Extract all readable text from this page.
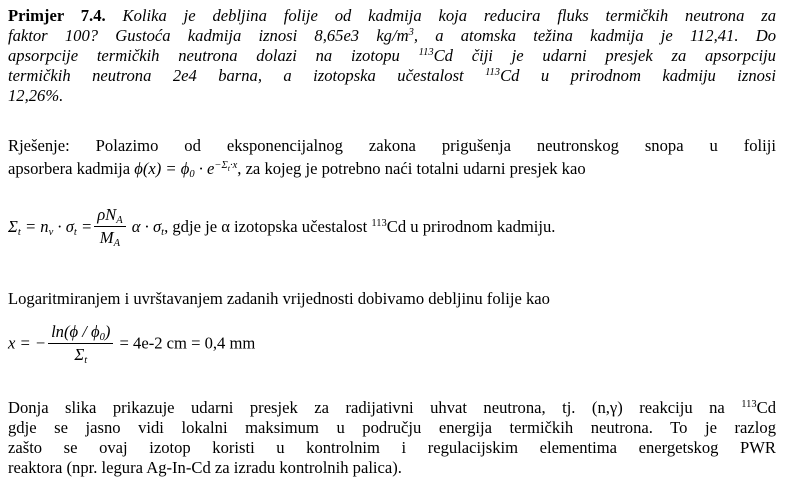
Primjer 7.4. Kolika je debljina folije od kadmija koja reducira fluks termičkih neutrona za
faktor 100? Gustoća kadmija iznosi 8,65e3 $kg/m^3$, a atomska težina kadmija je 112,41. Do
apsorpcije termičkih neutrona dolazi na izotopu $^{113}$Cd čiji je udarni presjek za apsorpciju
termičkih neutrona 2e4 barna, a izotopska učestalost $^{113}$Cd u prirodnom kadmiju iznosi
12,26%.
Rješenje: Polazimo od eksponencijalnog zakona prigušenja neutronskog snopa u foliji
apsorbera kadmija $\phi(x) = \phi_0 \cdot e^{-\Sigma_t\cdot x}$, za kojeg je potrebno naći totalni udarni presjek kao
$\Sigma_t = n_v \cdot \sigma_t = \frac{\rho N_A}{M_A}$ $\alpha \cdot \sigma_t$, gdje je α izotopska učestalost $^{113}$Cd u prirodnom kadmiju.
Logaritmiranjem i uvrštavanjem zadanih vrijednosti dobivamo debljinu folije kao
x = − $\frac{\ln(\phi / \phi_0)}{\Sigma_t} = 4e-2$ cm = 0,4 mm
Donja slika prikazuje udarni presjek za radijativni uhvat neutrona, tj. (n,γ) reakciju na $^{113}$Cd
gdje se jasno vidi lokalni maksimum u području energija termičkih neutrona. To je razlog
zašto se ovaj izotop koristi u kontrolnim i regulacijskim elementima energetskog PWR
reaktora (npr. legura Ag-In-Cd za izradu kontrolnih palica).
